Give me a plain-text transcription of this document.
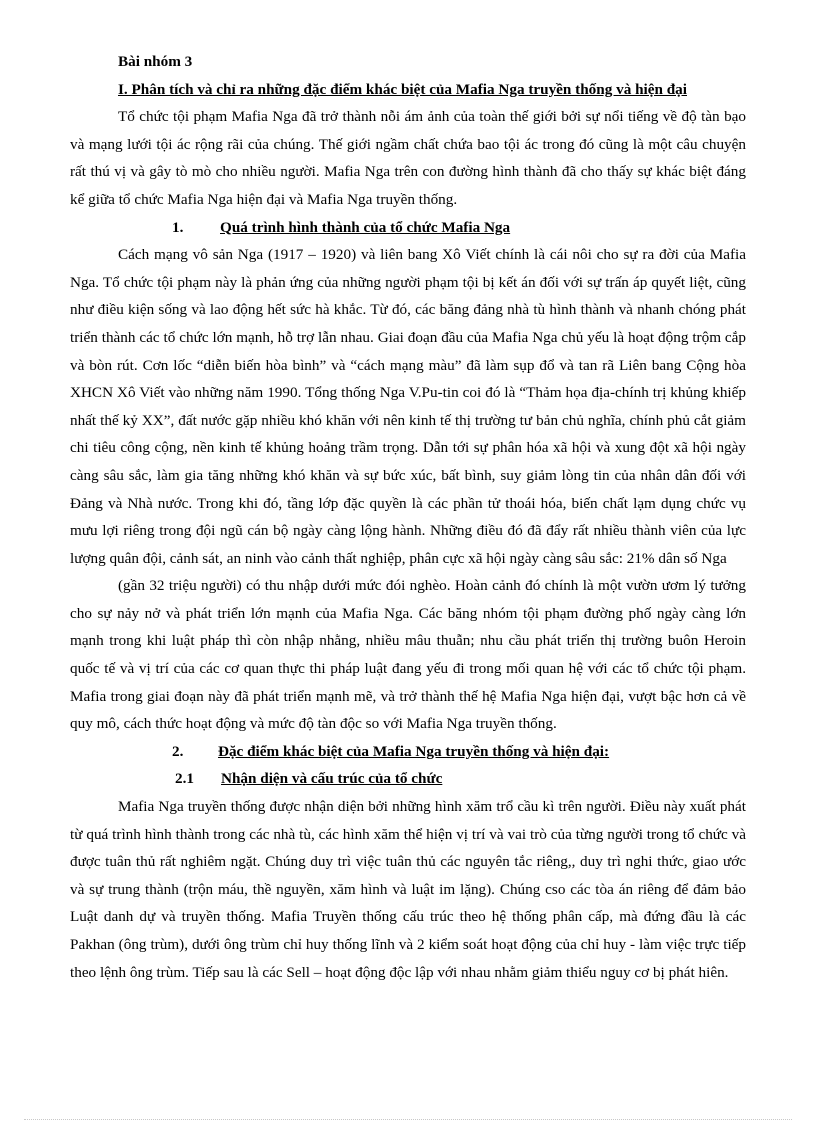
Bài nhóm 3

I. Phân tích và chỉ ra những đặc điểm khác biệt của Mafia Nga truyền thống và hiện đại

Tổ chức tội phạm Mafia Nga đã trở thành nỗi ám ảnh của toàn thế giới bởi sự nổi tiếng về độ tàn bạo và mạng lưới tội ác rộng rãi của chúng. Thế giới ngầm chất chứa bao tội ác trong đó cũng là một câu chuyện rất thú vị và gây tò mò cho nhiều người. Mafia Nga trên con đường hình thành đã cho thấy sự khác biệt đáng kể giữa tổ chức Mafia Nga hiện đại và Mafia Nga truyền thống.

1.	Quá trình hình thành của tổ chức Mafia Nga

Cách mạng vô sản Nga (1917 – 1920) và liên bang Xô Viết chính là cái nôi cho sự ra đời của Mafia Nga. Tổ chức tội phạm này là phản ứng của những người phạm tội bị kết án đối với sự trấn áp quyết liệt, cũng như điều kiện sống và lao động hết sức hà khắc. Từ đó, các băng đảng nhà tù hình thành và nhanh chóng phát triển thành các tổ chức lớn mạnh, hỗ trợ lẫn nhau. Giai đoạn đầu của Mafia Nga chủ yếu là hoạt động trộm cắp và bòn rút. Cơn lốc “diễn biến hòa bình” và “cách mạng màu” đã làm sụp đổ và tan rã Liên bang Cộng hòa XHCN Xô Viết vào những năm 1990. Tổng thống Nga V.Pu-tin coi đó là “Thảm họa địa-chính trị khủng khiếp nhất thế kỷ XX”, đất nước gặp nhiều khó khăn với nên kinh tế thị trường tư bản chủ nghĩa, chính phủ cắt giảm chi tiêu công cộng, nền kinh tế khủng hoảng trầm trọng. Dẫn tới sự phân hóa xã hội và xung đột xã hội ngày càng sâu sắc, làm gia tăng những khó khăn và sự bức xúc, bất bình, suy giảm lòng tin của nhân dân đối với Đảng và Nhà nước. Trong khi đó, tầng lớp đặc quyền là các phần tử thoái hóa, biến chất lạm dụng chức vụ mưu lợi riêng trong đội ngũ cán bộ ngày càng lộng hành. Những điều đó đã đẩy rất nhiều thành viên của lực lượng quân đội, cảnh sát, an ninh vào cảnh thất nghiệp, phân cực xã hội ngày càng sâu sắc: 21% dân số Nga

(gần 32 triệu người) có thu nhập dưới mức đói nghèo. Hoàn cảnh đó chính là một vườn ươm lý tưởng cho sự nảy nở và phát triển lớn mạnh của Mafia Nga. Các băng nhóm tội phạm đường phố ngày càng lớn mạnh trong khi luật pháp thì còn nhập nhằng, nhiều mâu thuẫn; nhu cầu phát triển thị trường buôn Heroin quốc tế và vị trí của các cơ quan thực thi pháp luật đang yếu đi trong mối quan hệ với các tổ chức tội phạm. Mafia trong giai đoạn này đã phát triển mạnh mẽ, và trở thành thế hệ Mafia Nga hiện đại, vượt bậc hơn cả về quy mô, cách thức hoạt động và mức độ tàn độc so với Mafia Nga truyền thống.

2.	Đặc điểm khác biệt của Mafia Nga truyền thống và hiện đại:
2.1	Nhận diện và cấu trúc của tổ chức

Mafia Nga truyền thống được nhận diện bởi những hình xăm trổ cầu kì trên người. Điều này xuất phát từ quá trình hình thành trong các nhà tù, các hình xăm thể hiện vị trí và vai trò của từng người trong tổ chức và được tuân thủ rất nghiêm ngặt. Chúng duy trì việc tuân thủ các nguyên tắc riêng,, duy trì nghi thức, giao ước và sự trung thành (trộn máu, thề nguyền, xăm hình và luật im lặng). Chúng cso các tòa án riêng để đảm bảo Luật danh dự và truyền thống. Mafia Truyền thống cấu trúc theo hệ thống phân cấp, mà đứng đầu là các Pakhan (ông trùm), dưới ông trùm chỉ huy thống lĩnh và 2 kiểm soát hoạt động của chỉ huy - làm việc trực tiếp theo lệnh ông trùm. Tiếp sau là các Sell – hoạt động độc lập với nhau nhằm giảm thiểu nguy cơ bị phát hiên.
